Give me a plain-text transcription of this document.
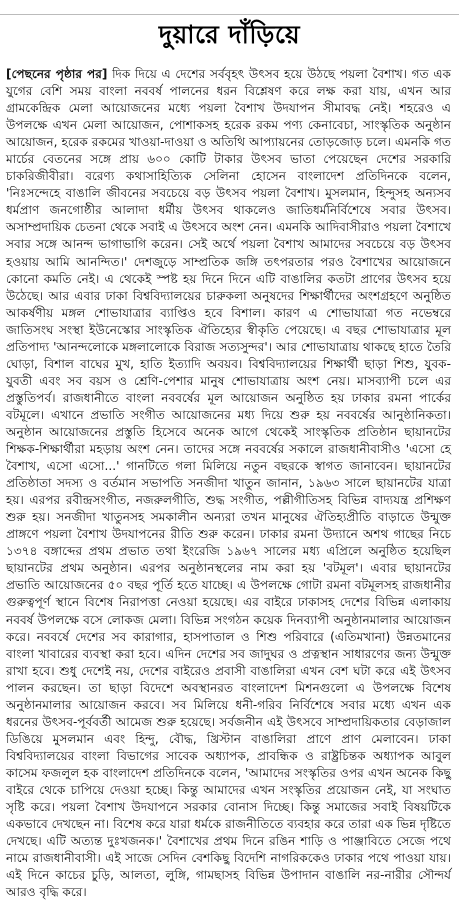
দুয়ারে দাঁড়িয়ে

[পেছনের পৃষ্ঠার পর] দিক দিয়ে এ দেশের সর্ববৃহৎ উৎসব হয়ে উঠছে পয়লা বৈশাখ। গত এক যুগের বেশি সময় বাংলা নববর্ষ পালনের ধরন বিশ্লেষণ করে লক্ষ করা যায়, এখন আর গ্রামকেন্দ্রিক মেলা আয়োজনের মধ্যে পয়লা বৈশাখ উদযাপন সীমাবদ্ধ নেই। শহরেও এ উপলক্ষে এখন মেলা আয়োজন, পোশাকসহ হরেক রকম পণ্য কেনাবেচা, সাংস্কৃতিক অনুষ্ঠান আয়োজন, হরেক রকমের খাওয়া-দাওয়া ও অতিথি আপ্যায়নের তোড়জোড় চলে। এমনকি গত মার্চের বেতনের সঙ্গে প্রায় ৬০০ কোটি টাকার উৎসব ভাতা পেয়েছেন দেশের সরকারি চাকরিজীবীরা। বরেণ্য কথাসাহিত্যিক সেলিনা হোসেন বাংলাদেশ প্রতিদিনকে বলেন, 'নিঃসন্দেহে বাঙালি জীবনের সবচেয়ে বড় উৎসব পয়লা বৈশাখ। মুসলমান, হিন্দুসহ অন্যসব ধর্মপ্রাণ জনগোষ্ঠীর আলাদা ধর্মীয় উৎসব থাকলেও জাতিধর্মনির্বিশেষে সবার উৎসব। অসাম্প্রদায়িক চেতনা থেকে সবাই এ উৎসবে অংশ নেন। এমনকি আদিবাসীরাও পয়লা বৈশাখে সবার সঙ্গে আনন্দ ভাগাভাগি করেন। সেই অর্থে পয়লা বৈশাখ আমাদের সবচেয়ে বড় উৎসব হওয়ায় আমি আনন্দিত।' দেশজুড়ে সাম্প্রতিক জঙ্গি তৎপরতার পরও বৈশাখের আয়োজনে কোনো কমতি নেই। এ থেকেই স্পষ্ট হয় দিনে দিনে এটি বাঙালির কতটা প্রাণের উৎসব হয়ে উঠেছে। আর এবার ঢাকা বিশ্ববিদ্যালয়ের চারুকলা অনুষদের শিক্ষার্থীদের অংশগ্রহণে অনুষ্ঠিত আকর্ষণীয় মঙ্গল শোভাযাত্রার ব্যাপ্তিও হবে বিশাল। কারণ এ শোভাযাত্রা গত নভেম্বরে জাতিসংঘ সংস্থা ইউনেস্কোর সাংস্কৃতিক ঐতিহ্যের স্বীকৃতি পেয়েছে। এ বছর শোভাযাত্রার মূল প্রতিপাদ্য 'আনন্দলোকে মঙ্গলালোকে বিরাজ সত্যসুন্দর'। আর শোভাযাত্রায় থাকছে হাতে তৈরি ঘোড়া, বিশাল বাঘের মুখ, হাতি ইত্যাদি অবয়ব। বিশ্ববিদ্যালয়ের শিক্ষার্থী ছাড়া শিশু, যুবক-যুবতী এবং সব বয়স ও শ্রেণি-পেশার মানুষ শোভাযাত্রায় অংশ নেয়। মাসব্যাপী চলে এর প্রস্তুতিপর্ব। রাজধানীতে বাংলা নববর্ষের মূল আয়োজন অনুষ্ঠিত হয় ঢাকার রমনা পার্কের বটমূলে। এখানে প্রভাতি সংগীত আয়োজনের মধ্য দিয়ে শুরু হয় নববর্ষের আনুষ্ঠানিকতা। অনুষ্ঠান আয়োজনের প্রস্তুতি হিসেবে অনেক আগে থেকেই সাংস্কৃতিক প্রতিষ্ঠান ছায়ানটের শিক্ষক-শিক্ষার্থীরা মহড়ায় অংশ নেন। তাদের সঙ্গে নববর্ষের সকালে রাজধানীবাসীও 'এসো হে বৈশাখ, এসো এসো...' গানটিতে গলা মিলিয়ে নতুন বছরকে স্বাগত জানাবেন। ছায়ানটের প্রতিষ্ঠাতা সদস্য ও বর্তমান সভাপতি সনজীদা খাতুন জানান, ১৯৬৩ সালে ছায়ানটের যাত্রা হয়। এরপর রবীন্দ্রসংগীত, নজরুলগীতি, শুদ্ধ সংগীত, পল্লীগীতিসহ বিভিন্ন বাদ্যযন্ত্র প্রশিক্ষণ শুরু হয়। সনজীদা খাতুনসহ সমকালীন অন্যরা তখন মানুষের ঐতিহ্যপ্রীতি বাড়াতে উন্মুক্ত প্রাঙ্গণে পয়লা বৈশাখ উদযাপনের রীতি শুরু করেন। ঢাকার রমনা উদ্যানে অশথ গাছের নিচে ১৩৭৪ বঙ্গাব্দের প্রথম প্রভাত তথা ইংরেজি ১৯৬৭ সালের মধ্য এপ্রিলে অনুষ্ঠিত হয়েছিল ছায়ানটের প্রথম অনুষ্ঠান। এরপর অনুষ্ঠানস্থলের নাম করা হয় 'বটমূল'। এবার ছায়ানটের প্রভাতি আয়োজনের ৫০ বছর পূর্তি হতে যাচ্ছে। এ উপলক্ষে গোটা রমনা বটমূলসহ রাজধানীর গুরুত্বপূর্ণ স্থানে বিশেষ নিরাপত্তা নেওয়া হয়েছে। এর বাইরে ঢাকাসহ দেশের বিভিন্ন এলাকায় নববর্ষ উপলক্ষে বসে লোকজ মেলা। বিভিন্ন সংগঠন কয়েক দিনব্যাপী অনুষ্ঠানমালার আয়োজন করে। নববর্ষে দেশের সব কারাগার, হাসপাতাল ও শিশু পরিবারে (এতিমখানা) উন্নতমানের বাংলা খাবারের ব্যবস্থা করা হবে। এদিন দেশের সব জাদুঘর ও প্রত্নস্থান সাধারণের জন্য উন্মুক্ত রাখা হবে। শুধু দেশেই নয়, দেশের বাইরেও প্রবাসী বাঙালিরা এখন বেশ ঘটা করে এই উৎসব পালন করছেন। তা ছাড়া বিদেশে অবস্থানরত বাংলাদেশ মিশনগুলো এ উপলক্ষে বিশেষ অনুষ্ঠানমালার আয়োজন করবে। সব মিলিয়ে ধনী-গরিব নির্বিশেষে সবার মধ্যে এখন এক ধরনের উৎসব-পূর্ববর্তী আমেজ শুরু হয়েছে। সর্বজনীন এই উৎসবে সাম্প্রদায়িকতার বেড়াজাল ডিঙিয়ে মুসলমান এবং হিন্দু, বৌদ্ধ, খ্রিস্টান বাঙালিরা প্রাণে প্রাণ মেলাবেন। ঢাকা বিশ্ববিদ্যালয়ের বাংলা বিভাগের সাবেক অধ্যাপক, প্রাবন্ধিক ও রাষ্ট্রচিন্তক অধ্যাপক আবুল কাসেম ফজলুল হক বাংলাদেশ প্রতিদিনকে বলেন, 'আমাদের সংস্কৃতির ওপর এখন অনেক কিছু বাইরে থেকে চাপিয়ে দেওয়া হচ্ছে। কিন্তু আমাদের এখন সংস্কৃতির প্রয়োজন নেই, যা সংঘাত সৃষ্টি করে। পয়লা বৈশাখ উদযাপনে সরকার বোনাস দিচ্ছে। কিন্তু সমাজের সবাই বিষয়টিকে একভাবে দেখছেন না। বিশেষ করে যারা ধর্মকে রাজনীতিতে ব্যবহার করে তারা এক ভিন্ন দৃষ্টিতে দেখছে। এটি অত্যন্ত দুঃখজনক।' বৈশাখের প্রথম দিনে রঙিন শাড়ি ও পাঞ্জাবিতে সেজে পথে নামে রাজধানীবাসী। এই সাজে সেদিন বেশকিছু বিদেশি নাগরিককেও ঢাকার পথে পাওয়া যায়। এই দিনে কাচের চুড়ি, আলতা, লুঙ্গি, গামছাসহ বিভিন্ন উপাদান বাঙালি নর-নারীর সৌন্দর্য আরও বৃদ্ধি করে।
